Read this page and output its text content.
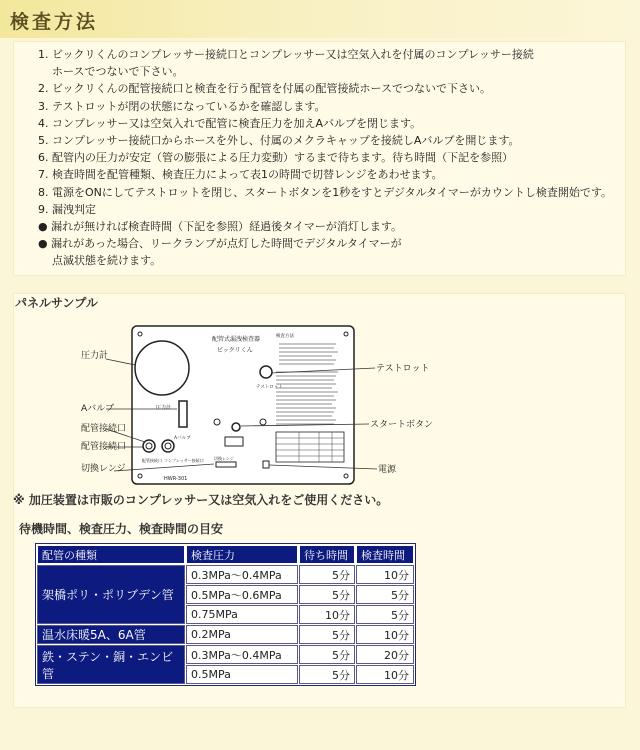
検査方法
1. ビックリくんのコンプレッサー接続口とコンプレッサー又は空気入れを付属のコンプレッサー接続
ホースでつないで下さい。
2. ビックリくんの配管接続口と検査を行う配管を付属の配管接続ホースでつないで下さい。
3. テストロットが閉の状態になっているかを確認します。
4. コンプレッサー又は空気入れで配管に検査圧力を加えAバルブを閉じます。
5. コンプレッサー接続口からホースを外し、付属のメクラキャップを接続しAバルブを開じます。
6. 配管内の圧力が安定（管の膨張による圧力変動）するまで待ちます。待ち時間（下記を参照）
7. 検査時間を配管種類、検査圧力によって表1の時間で切替レンジをあわせます。
8. 電源をONにしてテストロットを閉じ、スタートボタンを1秒をすとデジタルタイマーがカウントし検査開始です。
9. 漏洩判定
● 漏れが無ければ検査時間（下記を参照）経過後タイマーが消灯します。
● 漏れがあった場合、リークランプが点灯した時間でデジタルタイマーが
点滅状態を続けます。
パネルサンプル
圧力計
配管式漏洩検査器
ビックリくん
テストロット
Aバルブ
配管接続口 コンプレッサー接続口	切換レンジ
HWR-301
検査方法
圧力計
Aバルブ
配管接続口
配管接続口
切換レンジ
テストロット
スタートボタン
電源
※ 加圧装置は市販のコンプレッサー又は空気入れをご使用ください。
待機時間、検査圧力、検査時間の目安
配管の種類	検査圧力	待ち時間	検査時間
架橋ポリ・ポリブデン管	0.3MPa〜0.4MPa	5分	10分
	0.5MPa〜0.6MPa	5分	5分
	0.75MPa	10分	5分
温水床暖5A、6A管	0.2MPa	5分	10分
鉄・ステン・銅・エンビ管	0.3MPa〜0.4MPa	5分	20分
	0.5MPa	5分	10分
